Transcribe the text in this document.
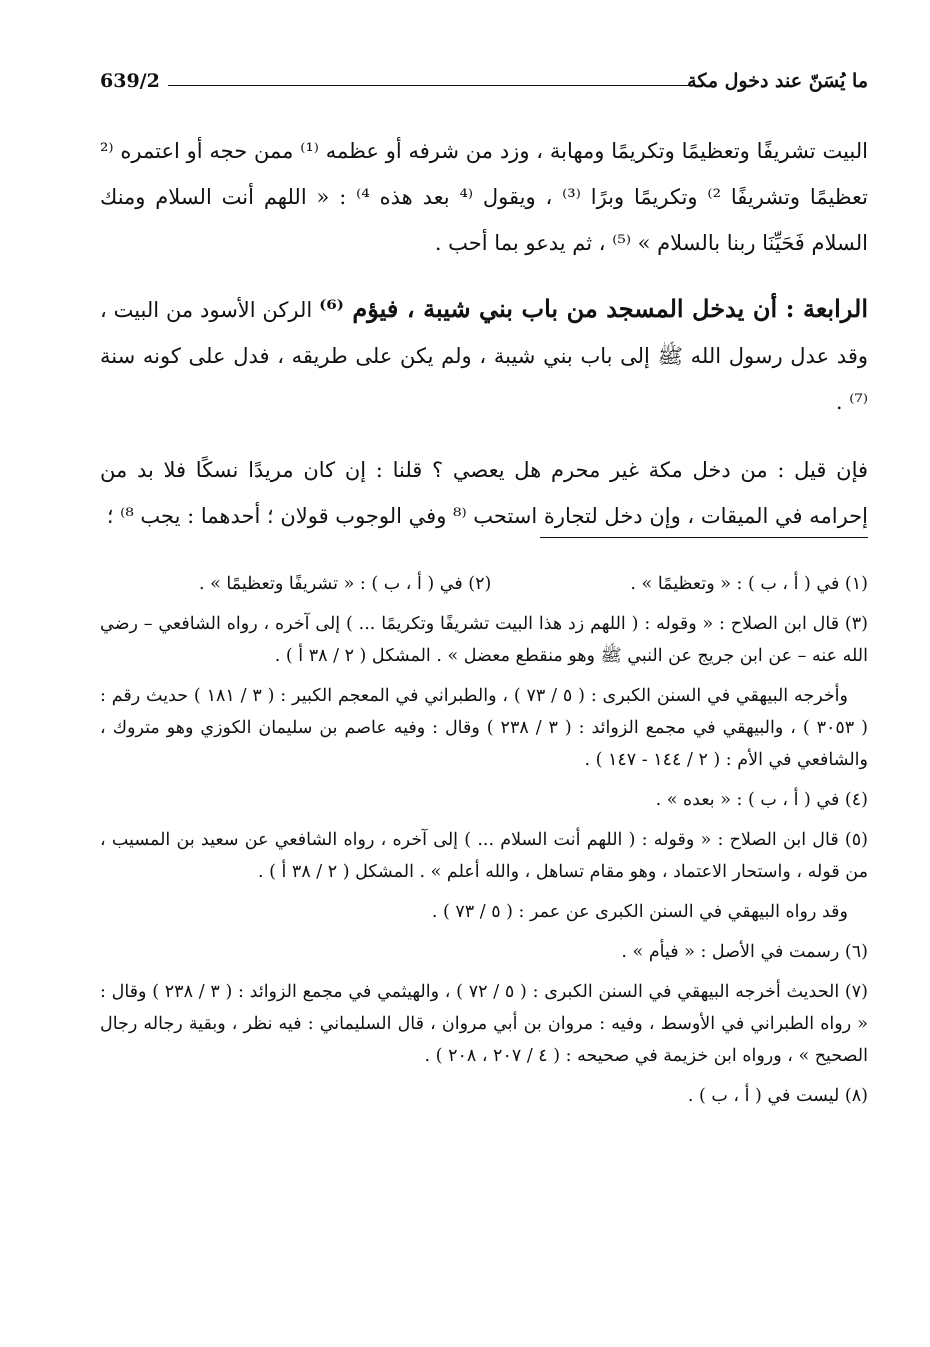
639/2	ما يُسَنّ عند دخول مكة

البيت تشريفًا وتعظيمًا وتكريمًا ومهابة ، وزد من شرفه أو عظمه ⁽¹⁾ ممن حجه أو اعتمره ⁽² تعظيمًا وتشريفًا ²⁾ وتكريمًا وبرًا ⁽³⁾ ، ويقول ⁽⁴ بعد هذه ⁴⁾ : « اللهم أنت السلام ومنك السلام فَحَيِّنَا ربنا بالسلام » ⁽⁵⁾ ، ثم يدعو بما أحب .

الرابعة : أن يدخل المسجد من باب بني شيبة ، فيؤم ⁽⁶⁾ الركن الأسود من البيت ، وقد عدل رسول الله ﷺ إلى باب بني شيبة ، ولم يكن على طريقه ، فدل على كونه سنة ⁽⁷⁾ .

فإن قيل : من دخل مكة غير محرم هل يعصي ؟ قلنا : إن كان مريدًا نسكًا فلا بد من إحرامه في الميقات ، وإن دخل لتجارة استحب ⁽⁸ وفي الوجوب قولان ؛ أحدهما : يجب ⁸⁾ ؛

(١) في ( أ ، ب ) : « وتعظيمًا » .                         (٢) في ( أ ، ب ) : « تشريفًا وتعظيمًا » .

(٣) قال ابن الصلاح : « وقوله : ( اللهم زد هذا البيت تشريفًا وتكريمًا ... ) إلى آخره ، رواه الشافعي – رضي الله عنه – عن ابن جريج عن النبي ﷺ وهو منقطع معضل » . المشكل ( ٢ / ٣٨ أ ) .

وأخرجه البيهقي في السنن الكبرى : ( ٥ / ٧٣ ) ، والطبراني في المعجم الكبير : ( ٣ / ١٨١ ) حديث رقم : ( ٣٠٥٣ ) ، والبيهقي في مجمع الزوائد : ( ٣ / ٢٣٨ ) وقال : وفيه عاصم بن سليمان الكوزي وهو متروك ، والشافعي في الأم : ( ٢ / ١٤٤ - ١٤٧ ) .

(٤) في ( أ ، ب ) : « بعده » .

(٥) قال ابن الصلاح : « وقوله : ( اللهم أنت السلام ... ) إلى آخره ، رواه الشافعي عن سعيد بن المسيب ، من قوله ، واستحار الاعتماد ، وهو مقام تساهل ، والله أعلم » . المشكل ( ٢ / ٣٨ أ ) .

وقد رواه البيهقي في السنن الكبرى عن عمر : ( ٥ / ٧٣ ) .

(٦) رسمت في الأصل : « فيأم » .

(٧) الحديث أخرجه البيهقي في السنن الكبرى : ( ٥ / ٧٢ ) ، والهيثمي في مجمع الزوائد : ( ٣ / ٢٣٨ ) وقال : « رواه الطبراني في الأوسط ، وفيه : مروان بن أبي مروان ، قال السليماني : فيه نظر ، وبقية رجاله رجال الصحيح » ، ورواه ابن خزيمة في صحيحه : ( ٤ / ٢٠٧ ، ٢٠٨ ) .

(٨) ليست في ( أ ، ب ) .
